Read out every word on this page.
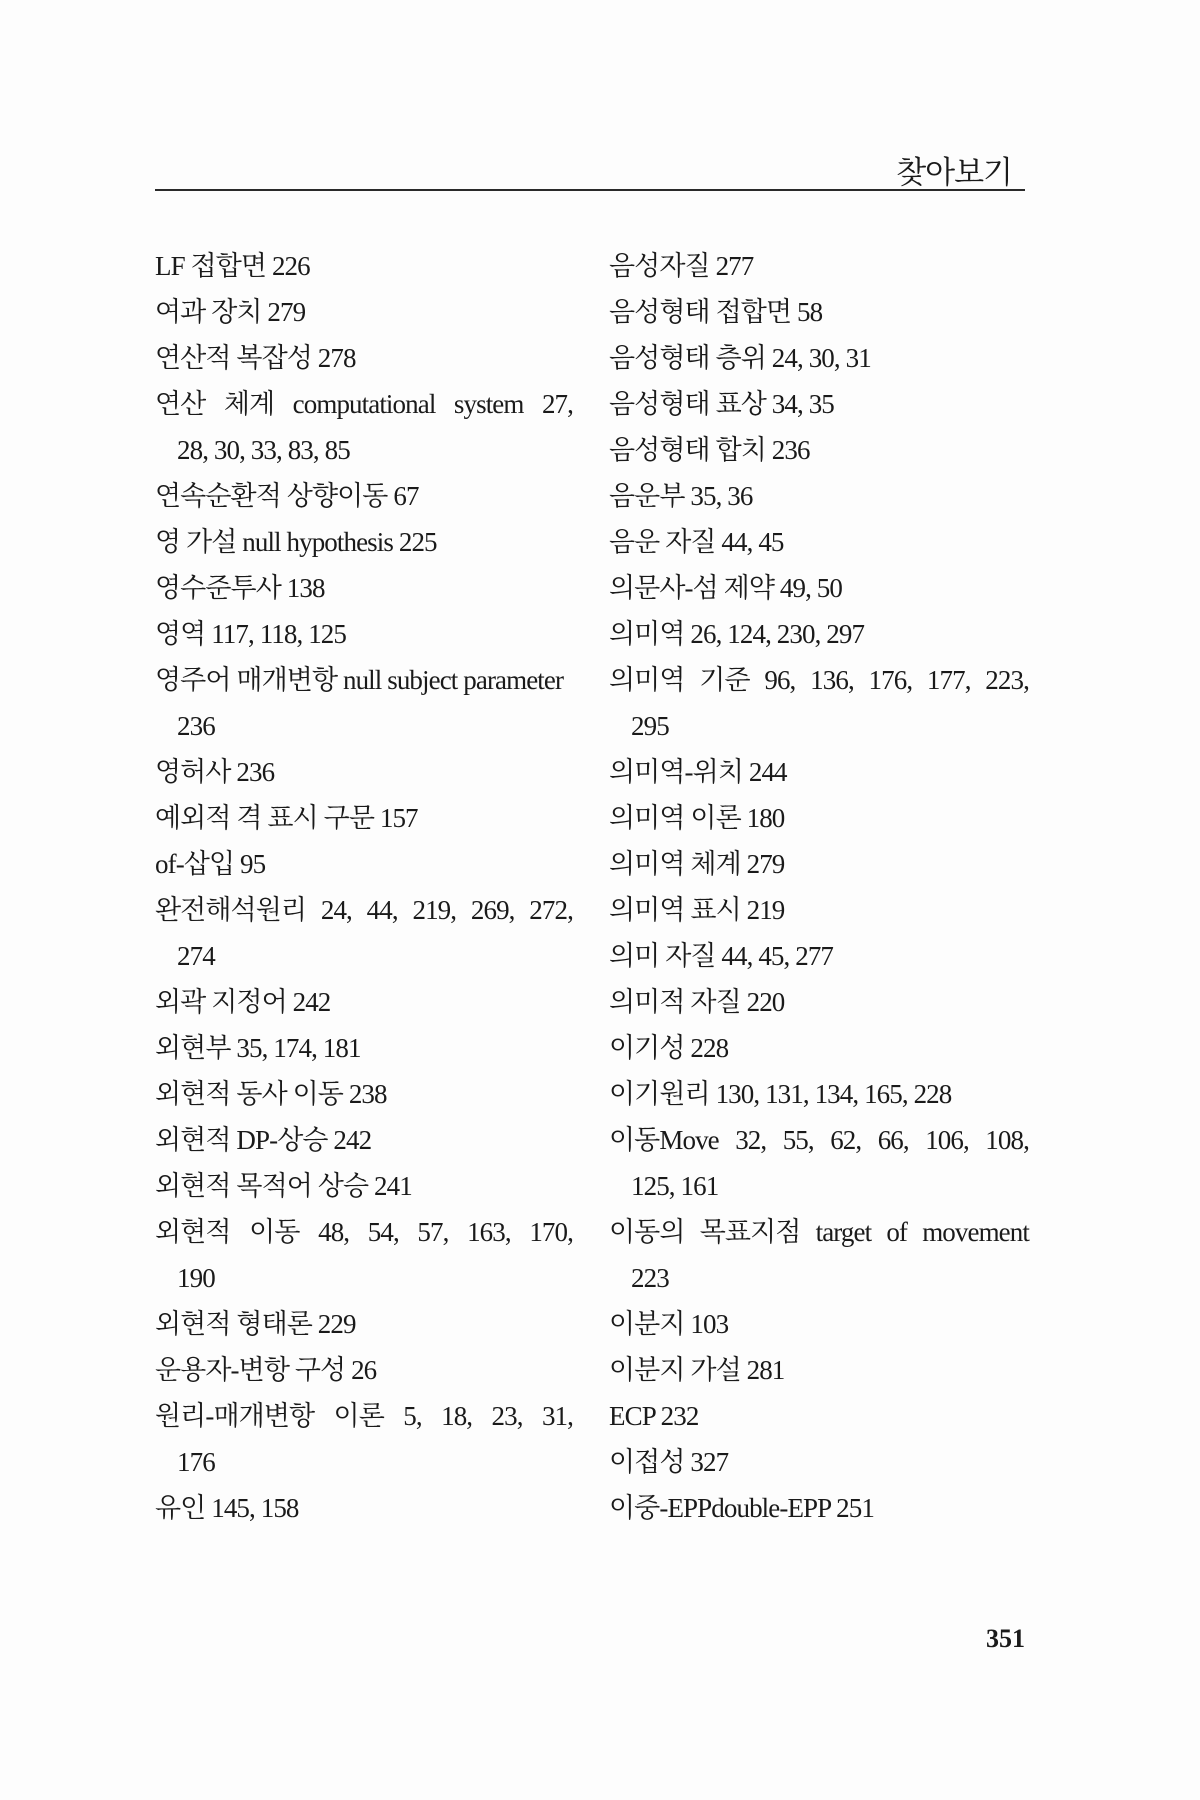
찾아보기
LF 접합면 226
여과 장치 279
연산적 복잡성 278
연산 체계 computational system 27,
28, 30, 33, 83, 85
연속순환적 상향이동 67
영 가설 null hypothesis 225
영수준투사 138
영역 117, 118, 125
영주어 매개변항 null subject parameter
236
영허사 236
예외적 격 표시 구문 157
of-삽입 95
완전해석원리 24, 44, 219, 269, 272,
274
외곽 지정어 242
외현부 35, 174, 181
외현적 동사 이동 238
외현적 DP-상승 242
외현적 목적어 상승 241
외현적 이동 48, 54, 57, 163, 170,
190
외현적 형태론 229
운용자-변항 구성 26
원리-매개변항 이론 5, 18, 23, 31,
176
유인 145, 158
음성자질 277
음성형태 접합면 58
음성형태 층위 24, 30, 31
음성형태 표상 34, 35
음성형태 합치 236
음운부 35, 36
음운 자질 44, 45
의문사-섬 제약 49, 50
의미역 26, 124, 230, 297
의미역 기준 96, 136, 176, 177, 223,
295
의미역-위치 244
의미역 이론 180
의미역 체계 279
의미역 표시 219
의미 자질 44, 45, 277
의미적 자질 220
이기성 228
이기원리 130, 131, 134, 165, 228
이동Move 32, 55, 62, 66, 106, 108,
125, 161
이동의 목표지점 target of movement
223
이분지 103
이분지 가설 281
ECP 232
이접성 327
이중-EPPdouble-EPP 251
351
